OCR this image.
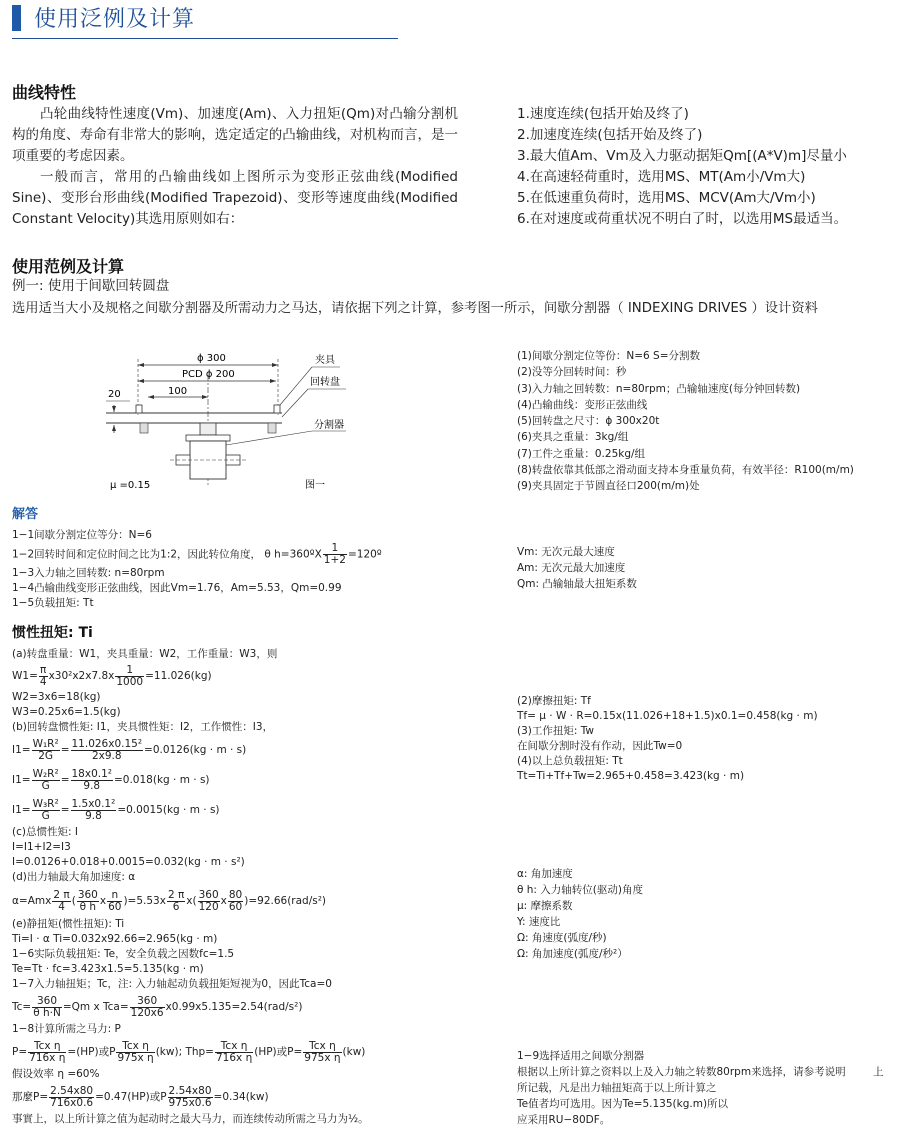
使用泛例及计算
曲线特性

凸轮曲线特性速度(Vm)、加速度(Am)、入力扭矩(Qm)对凸输分割机构的角度、寿命有非常大的影响，选定适定的凸输曲线，对机构而言，是一项重要的考虑因素。

一般而言，常用的凸输曲线如上图所示为变形正弦曲线(Modified Sine)、变形台形曲线(Modified Trapezoid)、变形等速度曲线(Modified Constant Velocity)其选用原则如右：

1.速度连续(包括开始及终了)
2.加速度连续(包括开始及终了)
3.最大值Am、Vm及入力驱动据矩Qm[(A*V)m]尽量小
4.在高速轻荷重时，选用MS、MT(Am小/Vm大)
5.在低速重负荷时，选用MS、MCV(Am大/Vm小)
6.在对速度或荷重状况不明白了时，以选用MS最适当。
使用范例及计算
例一: 使用于间歇回转圆盘
选用适当大小及规格之间歇分割器及所需动力之马达，请依据下列之计算，参考图一所示，间歇分割器（ INDEXING DRIVES ）设计资料
ϕ 300
PCD ϕ 200
100
20
夹具
回转盘
分割器
μ =0.15	图一
(1)间歇分割定位等份：N=6 S=分割数
(2)没等分回转时间：秒
(3)入力轴之回转数：n=80rpm；凸输轴速度(每分钟回转数)
(4)凸输曲线：变形正弦曲线
(5)回转盘之尺寸：ϕ 300x20t
(6)夹具之重量：3kg/组
(7)工件之重量：0.25kg/组
(8)转盘依靠其低部之滑动面支持本身重量负荷，有效半径：R100(m/m)
(9)夹具固定于节圆直径口200(m/m)处
解答
1−1间歇分割定位等分：N=6
1−2回转时间和定位时间之比为1:2，因此转位角度， θ h=360ºX $\frac{1}{1+2}$ =120º
1−3入力轴之回转数: n=80rpm
1−4凸输曲线变形正弦曲线，因此Vm=1.76，Am=5.53，Qm=0.99
1−5负载扭矩: Tt
Vm: 无次元最大速度
Am: 无次元最大加速度
Qm: 凸输轴最大扭矩系数
惯性扭矩: Ti
(a)转盘重量：W1，夹具重量：W2，工作重量：W3，则
$W1= \frac{\pi}{4} x30^2x2x7.8x \frac{1}{1000} =11.026(kg)$
W2=3x6=18(kg)
W3=0.25x6=1.5(kg)
(b)回转盘惯性矩: I1，夹具惯性矩：I2，工作惯性：I3，
$I1= \frac{\text{W₁R²}}{2G} = \frac{\text{11.026x0.15²}}{2x9.8} =0.0126(kg \cdot m \cdot s)$
$I1= \frac{\text{W₂R²}}{G} = \frac{\text{18x0.1²}}{9.8} =0.018(kg \cdot m \cdot s)$
$I1= \frac{\text{W₃R²}}{G} = \frac{\text{1.5x0.1²}}{9.8} =0.0015(kg \cdot m \cdot s)$
(c)总惯性矩: I
I=I1+I2=I3
I=0.0126+0.018+0.0015=0.032(kg · m · s²)
(d)出力轴最大角加速度: α
$\alpha=Amx \frac{2 \pi}{4}$ ( $\frac{360}{\text{θ h}}$ x $\frac{n}{60} )=5.53x \frac{2 \pi}{6} x( \frac{360}{120}$ x $\frac{80}{60} )=92.66(rad/s^2)$
(e)静扭矩(惯性扭矩): Ti
Ti=I · α Ti=0.032x92.66=2.965(kg · m)
1−6实际负载扭矩: Te，安全负载之因数fc=1.5
Te=Tt · fc=3.423x1.5=5.135(kg · m)
1−7入力轴扭矩；Tc，注: 入力轴起动负载扭矩短视为0，因此Tca=0
$Tc= \frac{360}{\text{θ h·N}} =Qm$ x $Tca= \frac{360}{120x6} x0.99x5.135=2.54(rad/s^2)$
1−8计算所需之马力: P
$P= \frac{\text{Tcx η}}{\text{716x η}} =(HP)$或P $\frac{\text{Tcx η}}{\text{975x η}} (kw)$; $Thp= \frac{\text{Tcx η}}{\text{716x η}} (HP)$或$P= \frac{\text{Tcx η}}{\text{975x η}} (kw)$
假设效率 η =60%
那麼$P= \frac{2.54x80}{716x0.6} =0.47(HP)$或P $\frac{2.54x80}{975x0.6} =0.34(kw)$
事實上，以上所计算之值为起动时之最大马力，而连续传动所需之马力为½。
(2)摩擦扭矩: Tf
Tf= μ · W · R=0.15x(11.026+18+1.5)x0.1=0.458(kg · m)
(3)工作扭矩: Tw
在间歇分割时没有作动，因此Tw=0
(4)以上总负载扭矩: Tt
Tt=Ti+Tf+Tw=2.965+0.458=3.423(kg · m)
α: 角加速度
θ h: 入力轴转位(驱动)角度
μ: 摩擦系数
Y: 速度比
Ω: 角速度(弧度/秒)
Ω: 角加速度(弧度/秒²）
1−9选择适用之间歇分割器
根据以上所计算之资料以上及入力轴之转数80rpm来选择，请参考说明	上
所记载，凡是出力轴扭矩高于以上所计算之
Te值者均可选用。因为Te=5.135(kg.m)所以
应采用RU−80DF。
